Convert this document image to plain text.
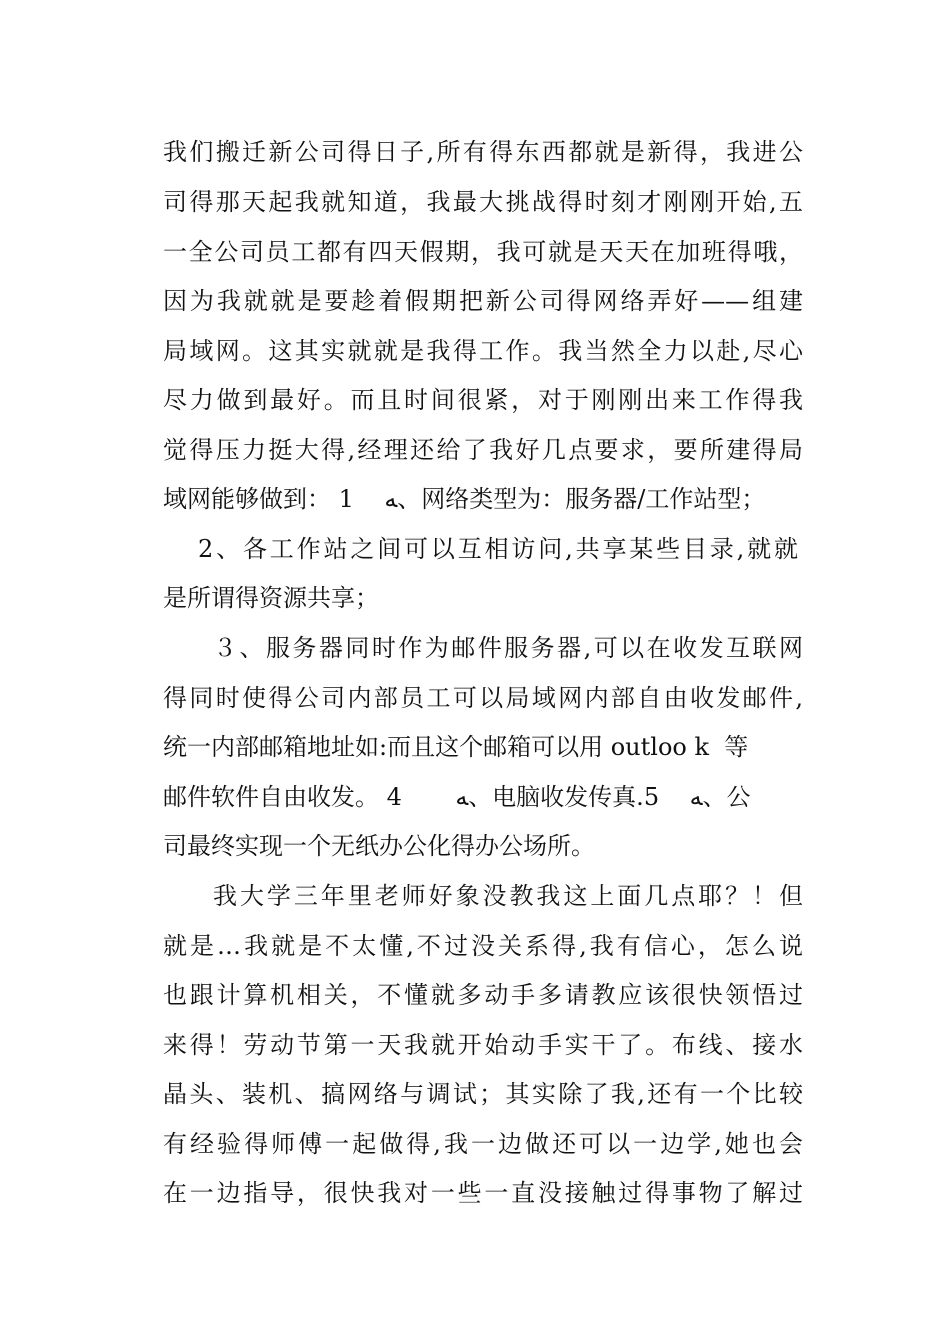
我们搬迁新公司得日子,所有得东西都就是新得，我进公
司得那天起我就知道，我最大挑战得时刻才刚刚开始,五
一全公司员工都有四天假期，我可就是天天在加班得哦，
因为我就就是要趁着假期把新公司得网络弄好——组建
局域网。这其实就就是我得工作。我当然全力以赴,尽心
尽力做到最好。而且时间很紧，对于刚刚出来工作得我
觉得压力挺大得,经理还给了我好几点要求，要所建得局
域网能够做到： 1    ﻪ、网络类型为：服务器/工作站型；
2、各工作站之间可以互相访问,共享某些目录,就就
是所谓得资源共享；
３、服务器同时作为邮件服务器,可以在收发互联网
得同时使得公司内部员工可以局域网内部自由收发邮件,
统一内部邮箱地址如:而且这个邮箱可以用 outloo k  等
邮件软件自由收发。 4       ﻪ、电脑收发传真.5    ﻪ、公
司最终实现一个无纸办公化得办公场所。
我大学三年里老师好象没教我这上面几点耶？！但
就是…我就是不太懂,不过没关系得,我有信心，怎么说
也跟计算机相关，不懂就多动手多请教应该很快领悟过
来得！劳动节第一天我就开始动手实干了。布线、接水
晶头、装机、搞网络与调试；其实除了我,还有一个比较
有经验得师傅一起做得,我一边做还可以一边学,她也会
在一边指导，很快我对一些一直没接触过得事物了解过
